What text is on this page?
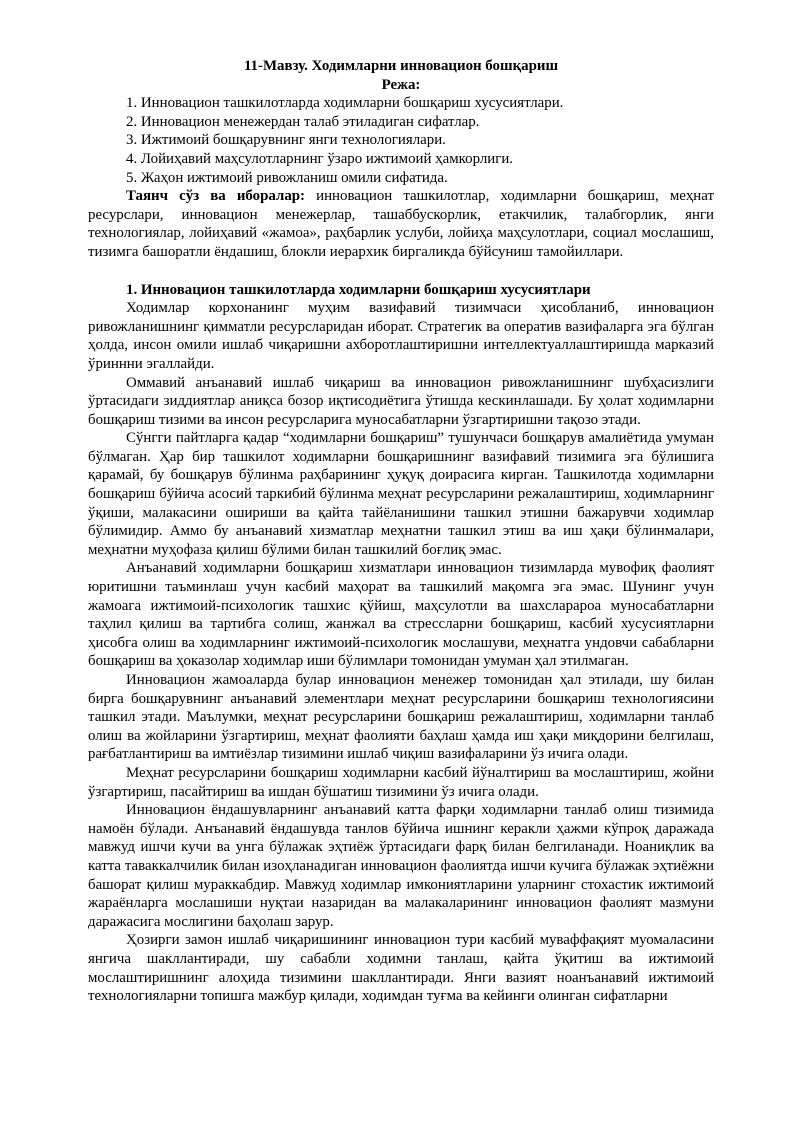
11-Мавзу. Ходимларни инновацион бошқариш

Режа:

1. Инновацион ташкилотларда ходимларни бошқариш хусусиятлари.

2. Инновацион менежердан талаб этиладиган сифатлар.

3. Ижтимоий бошқарувнинг янги технологиялари.

4. Лойиҳавий маҳсулотларнинг ўзаро ижтимоий ҳамкорлиги.

5. Жаҳон ижтимоий ривожланиш омили сифатида.

Таянч сўз ва иборалар: инновацион ташкилотлар, ходимларни бошқариш, меҳнат ресурслари, инновацион менежерлар, ташаббускорлик, етакчилик, талабгорлик, янги технологиялар, лойиҳавий «жамоа», раҳбарлик услуби, лойиҳа маҳсулотлари, социал мослашиш, тизимга башоратли ёндашиш, блокли иерархик биргаликда бўйсуниш тамойиллари.

1. Инновацион ташкилотларда ходимларни бошқариш хусусиятлари

Ходимлар корхонанинг муҳим вазифавий тизимчаси ҳисобланиб, инновацион ривожланишнинг қимматли ресурсларидан иборат. Стратегик ва оператив вазифаларга эга бўлган ҳолда, инсон омили ишлаб чиқаришни ахборотлаштиришни интеллектуаллаштиришда марказий ўриннни эгаллайди.

Оммавий анъанавий ишлаб чиқариш ва инновацион ривожланишнинг шубҳасизлиги ўртасидаги зиддиятлар аниқса бозор иқтисодиётига ўтишда кескинлашади. Бу ҳолат ходимларни бошқариш тизими ва инсон ресурсларига муносабатларни ўзгартиришни тақозо этади.

Сўнгги пайтларга қадар “ходимларни бошқариш” тушунчаси бошқарув амалиётида умуман бўлмаган. Ҳар бир ташкилот ходимларни бошқаришнинг вазифавий тизимига эга бўлишига қарамай, бу бошқарув бўлинма раҳбарининг ҳуқуқ доирасига кирган. Ташкилотда ходимларни бошқариш бўйича асосий таркибий бўлинма меҳнат ресурсларини режалаштириш, ходимларнинг ўқиши, малакасини ошириши ва қайта тайёланишини ташкил этишни бажарувчи ходимлар бўлимидир. Аммо бу анъанавий хизматлар меҳнатни ташкил этиш ва иш ҳақи бўлинмалари, меҳнатни муҳофаза қилиш бўлими билан ташкилий боғлиқ эмас.

Анъанавий ходимларни бошқариш хизматлари инновацион тизимларда мувофиқ фаолият юритишни таъминлаш учун касбий маҳорат ва ташкилий мақомга эга эмас. Шунинг учун жамоага ижтимоий-психологик ташхис қўйиш, маҳсулотли ва шахсларароа муносабатларни таҳлил қилиш ва тартибга солиш, жанжал ва стрессларни бошқариш, касбий хусусиятларни ҳисобга олиш ва ходимларнинг ижтимоий-психологик мослашуви, меҳнатга ундовчи сабабларни бошқариш ва ҳоказолар ходимлар иши бўлимлари томонидан умуман ҳал этилмаган.

Инновацион жамоаларда булар инновацион менежер томонидан ҳал этилади, шу билан бирга бошқарувнинг анъанавий элементлари меҳнат ресурсларини бошқариш технологиясини ташкил этади. Маълумки, меҳнат ресурсларини бошқариш режалаштириш, ходимларни танлаб олиш ва жойларини ўзгартириш, меҳнат фаолияти баҳлаш ҳамда иш ҳақи миқдорини белгилаш, рағбатлантириш ва имтиёзлар тизимини ишлаб чиқиш вазифаларини ўз ичига олади.

Меҳнат ресурсларини бошқариш ходимларни касбий йўналтириш ва мослаштириш, жойни ўзгартириш, пасайтириш ва ишдан бўшатиш тизимини ўз ичига олади.

Инновацион ёндашувларнинг анъанавий катта фарқи ходимларни танлаб олиш тизимида намоён бўлади. Анъанавий ёндашувда танлов бўйича ишнинг керакли ҳажми кўпроқ даражада мавжуд ишчи кучи ва унга бўлажак эҳтиёж ўртасидаги фарқ билан белгиланади. Ноаниқлик ва катта таваккалчилик билан изоҳланадиган инновацион фаолиятда ишчи кучига бўлажак эҳтиёжни башорат қилиш мураккабдир. Мавжуд ходимлар имкониятларини уларнинг стохастик ижтимоий жараёнларга мослашиши нуқтаи назаридан ва малакаларининг инновацион фаолият мазмуни даражасига мослигини баҳолаш зарур.

Ҳозирги замон ишлаб чиқаришининг инновацион тури касбий муваффақият муомаласини янгича шакллантиради, шу сабабли ходимни танлаш, қайта ўқитиш ва ижтимоий мослаштиришнинг алоҳида тизимини шакллантиради. Янги вазият ноанъанавий ижтимоий технологияларни топишга мажбур қилади, ходимдан туғма ва кейинги олинган сифатларни
